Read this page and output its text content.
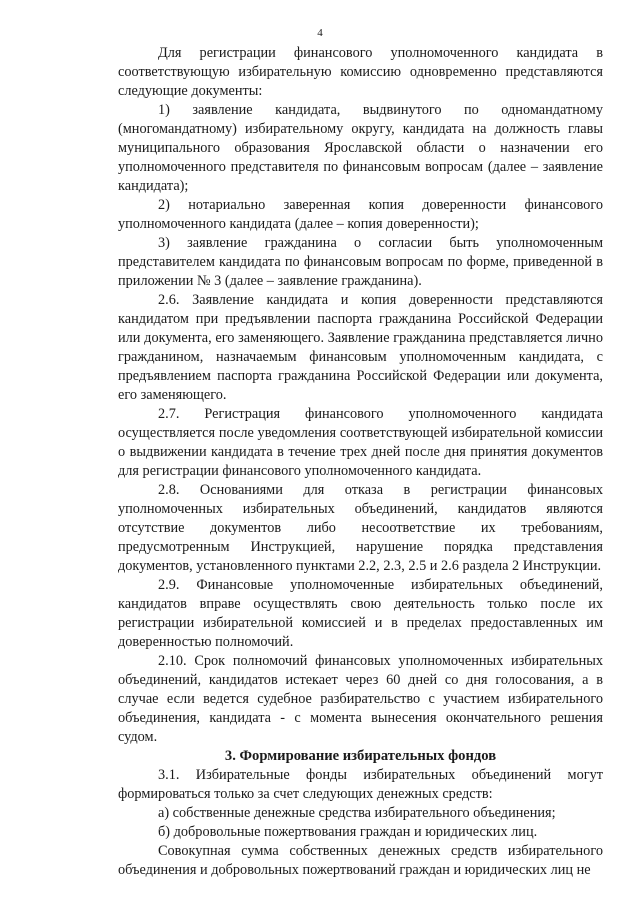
4

Для регистрации финансового уполномоченного кандидата в соответствующую избирательную комиссию одновременно представляются следующие документы:

1) заявление кандидата, выдвинутого по одномандатному (многомандатному) избирательному округу, кандидата на должность главы муниципального образования Ярославской области о назначении его уполномоченного представителя по финансовым вопросам (далее – заявление кандидата);

2) нотариально заверенная копия доверенности финансового уполномоченного кандидата (далее – копия доверенности);

3) заявление гражданина о согласии быть уполномоченным представителем кандидата по финансовым вопросам по форме, приведенной в приложении № 3 (далее – заявление гражданина).

2.6. Заявление кандидата и копия доверенности представляются кандидатом при предъявлении паспорта гражданина Российской Федерации или документа, его заменяющего. Заявление гражданина представляется лично гражданином, назначаемым финансовым уполномоченным кандидата, с предъявлением паспорта гражданина Российской Федерации или документа, его заменяющего.

2.7. Регистрация финансового уполномоченного кандидата осуществляется после уведомления соответствующей избирательной комиссии о выдвижении кандидата в течение трех дней после дня принятия документов для регистрации финансового уполномоченного кандидата.

2.8. Основаниями для отказа в регистрации финансовых уполномоченных избирательных объединений, кандидатов являются отсутствие документов либо несоответствие их требованиям, предусмотренным Инструкцией, нарушение порядка представления документов, установленного пунктами 2.2, 2.3, 2.5 и 2.6 раздела 2 Инструкции.

2.9. Финансовые уполномоченные избирательных объединений, кандидатов вправе осуществлять свою деятельность только после их регистрации избирательной комиссией и в пределах предоставленных им доверенностью полномочий.

2.10. Срок полномочий финансовых уполномоченных избирательных объединений, кандидатов истекает через 60 дней со дня голосования, а в случае если ведется судебное разбирательство с участием избирательного объединения, кандидата - с момента вынесения окончательного решения судом.

3. Формирование избирательных фондов

3.1. Избирательные фонды избирательных объединений могут формироваться только за счет следующих денежных средств:

а) собственные денежные средства избирательного объединения;

б) добровольные пожертвования граждан и юридических лиц.

Совокупная сумма собственных денежных средств избирательного объединения и добровольных пожертвований граждан и юридических лиц не
